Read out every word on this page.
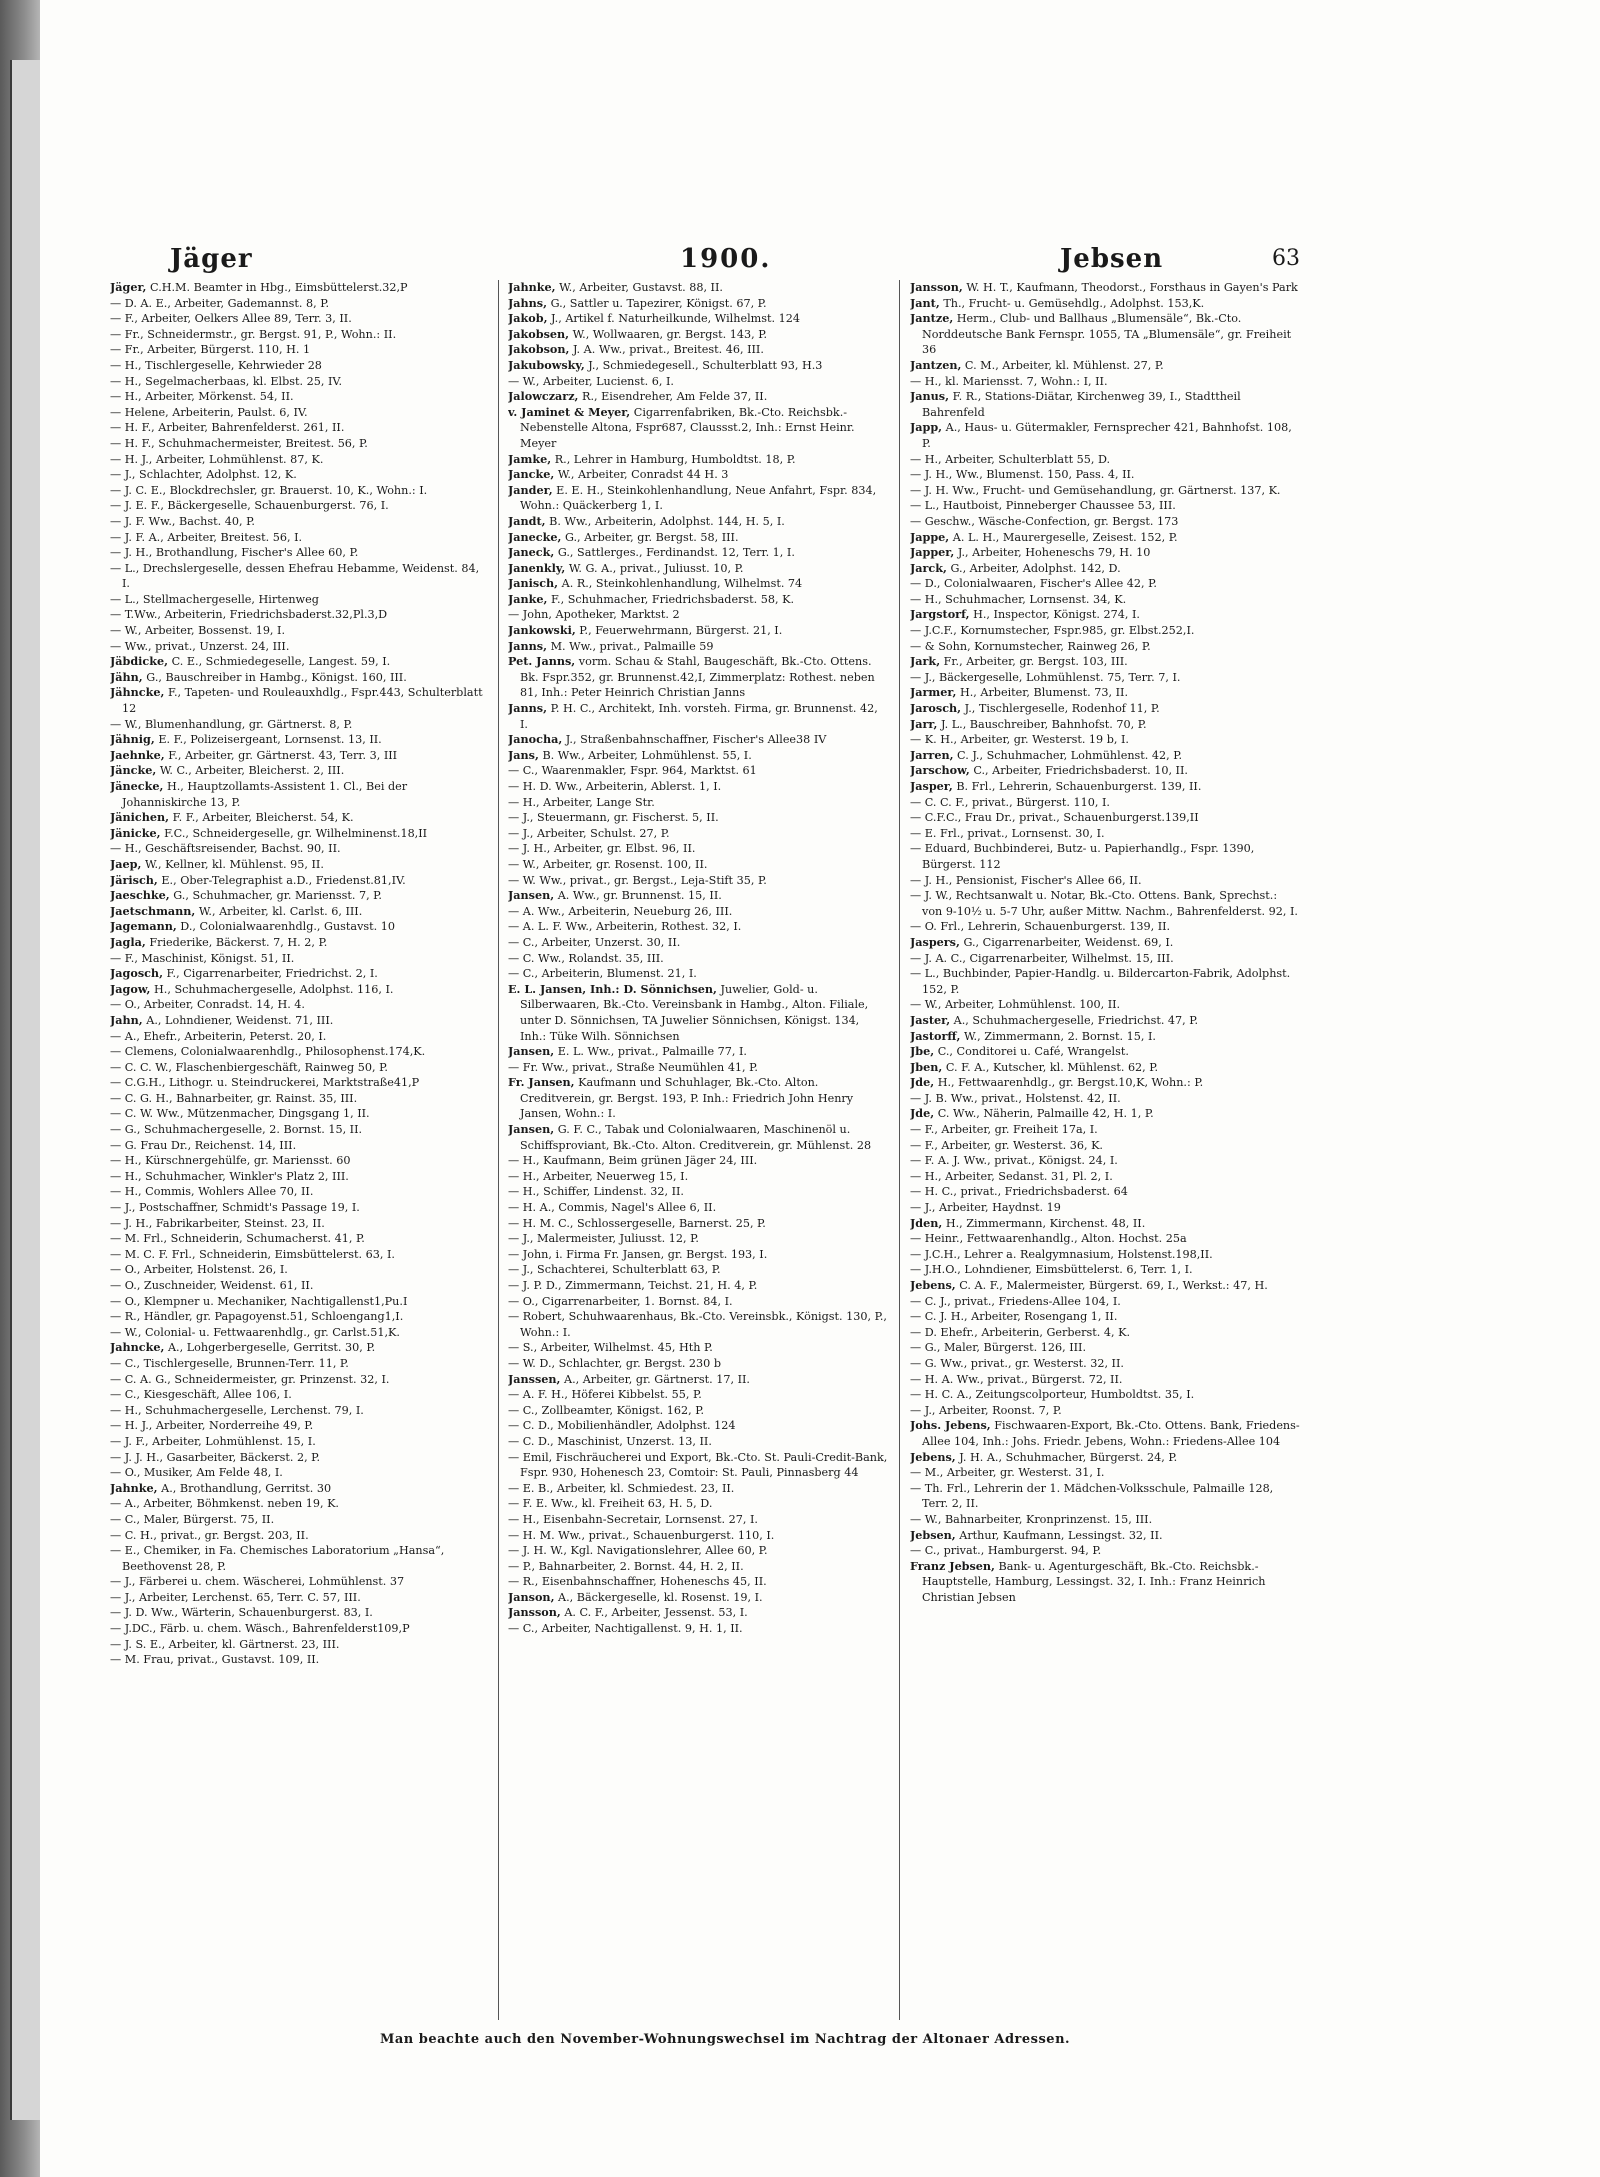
Jäger	1900.	Jebsen	63

Jäger, C.H.M. Beamter in Hbg., Eimsbüttelerst.32,P

— D. A. E., Arbeiter, Gademannst. 8, P.

— F., Arbeiter, Oelkers Allee 89, Terr. 3, II.

— Fr., Schneidermstr., gr. Bergst. 91, P., Wohn.: II.

— Fr., Arbeiter, Bürgerst. 110, H. 1

— H., Tischlergeselle, Kehrwieder 28

— H., Segelmacherbaas, kl. Elbst. 25, IV.

— H., Arbeiter, Mörkenst. 54, II.

— Helene, Arbeiterin, Paulst. 6, IV.

— H. F., Arbeiter, Bahrenfelderst. 261, II.

— H. F., Schuhmachermeister, Breitest. 56, P.

— H. J., Arbeiter, Lohmühlenst. 87, K.

— J., Schlachter, Adolphst. 12, K.

— J. C. E., Blockdrechsler, gr. Brauerst. 10, K., Wohn.: I.

— J. E. F., Bäckergeselle, Schauenburgerst. 76, I.

— J. F. Ww., Bachst. 40, P.

— J. F. A., Arbeiter, Breitest. 56, I.

— J. H., Brothandlung, Fischer's Allee 60, P.

— L., Drechslergeselle, dessen Ehefrau Hebamme, Weidenst. 84, I.

— L., Stellmachergeselle, Hirtenweg

— T.Ww., Arbeiterin, Friedrichsbaderst.32,Pl.3,D

— W., Arbeiter, Bossenst. 19, I.

— Ww., privat., Unzerst. 24, III.

Jäbdicke, C. E., Schmiedegeselle, Langest. 59, I.

Jähn, G., Bauschreiber in Hambg., Königst. 160, III.

Jähncke, F., Tapeten- und Rouleauxhdlg., Fspr.443, Schulterblatt 12

— W., Blumenhandlung, gr. Gärtnerst. 8, P.

Jähnig, E. F., Polizeisergeant, Lornsenst. 13, II.

Jaehnke, F., Arbeiter, gr. Gärtnerst. 43, Terr. 3, III

Jäncke, W. C., Arbeiter, Bleicherst. 2, III.

Jänecke, H., Hauptzollamts-Assistent 1. Cl., Bei der Johanniskirche 13, P.

Jänichen, F. F., Arbeiter, Bleicherst. 54, K.

Jänicke, F.C., Schneidergeselle, gr. Wilhelminenst.18,II

— H., Geschäftsreisender, Bachst. 90, II.

Jaep, W., Kellner, kl. Mühlenst. 95, II.

Järisch, E., Ober-Telegraphist a.D., Friedenst.81,IV.

Jaeschke, G., Schuhmacher, gr. Mariensst. 7, P.

Jaetschmann, W., Arbeiter, kl. Carlst. 6, III.

Jagemann, D., Colonialwaarenhdlg., Gustavst. 10

Jagla, Friederike, Bäckerst. 7, H. 2, P.

— F., Maschinist, Königst. 51, II.

Jagosch, F., Cigarrenarbeiter, Friedrichst. 2, I.

Jagow, H., Schuhmachergeselle, Adolphst. 116, I.

— O., Arbeiter, Conradst. 14, H. 4.

Jahn, A., Lohndiener, Weidenst. 71, III.

— A., Ehefr., Arbeiterin, Peterst. 20, I.

— Clemens, Colonialwaarenhdlg., Philosophenst.174,K.

— C. C. W., Flaschenbiergeschäft, Rainweg 50, P.

— C.G.H., Lithogr. u. Steindruckerei, Marktstraße41,P

— C. G. H., Bahnarbeiter, gr. Rainst. 35, III.

— C. W. Ww., Mützenmacher, Dingsgang 1, II.

— G., Schuhmachergeselle, 2. Bornst. 15, II.

— G. Frau Dr., Reichenst. 14, III.

— H., Kürschnergehülfe, gr. Mariensst. 60

— H., Schuhmacher, Winkler's Platz 2, III.

— H., Commis, Wohlers Allee 70, II.

— J., Postschaffner, Schmidt's Passage 19, I.

— J. H., Fabrikarbeiter, Steinst. 23, II.

— M. Frl., Schneiderin, Schumacherst. 41, P.

— M. C. F. Frl., Schneiderin, Eimsbüttelerst. 63, I.

— O., Arbeiter, Holstenst. 26, I.

— O., Zuschneider, Weidenst. 61, II.

— O., Klempner u. Mechaniker, Nachtigallenst1,Pu.I

— R., Händler, gr. Papagoyenst.51, Schloengang1,I.

— W., Colonial- u. Fettwaarenhdlg., gr. Carlst.51,K.

Jahncke, A., Lohgerbergeselle, Gerritst. 30, P.

— C., Tischlergeselle, Brunnen-Terr. 11, P.

— C. A. G., Schneidermeister, gr. Prinzenst. 32, I.

— C., Kiesgeschäft, Allee 106, I.

— H., Schuhmachergeselle, Lerchenst. 79, I.

— H. J., Arbeiter, Norderreihe 49, P.

— J. F., Arbeiter, Lohmühlenst. 15, I.

— J. J. H., Gasarbeiter, Bäckerst. 2, P.

— O., Musiker, Am Felde 48, I.

Jahnke, A., Brothandlung, Gerritst. 30

— A., Arbeiter, Böhmkenst. neben 19, K.

— C., Maler, Bürgerst. 75, II.

— C. H., privat., gr. Bergst. 203, II.

— E., Chemiker, in Fa. Chemisches Laboratorium „Hansa“, Beethovenst 28, P.

— J., Färberei u. chem. Wäscherei, Lohmühlenst. 37

— J., Arbeiter, Lerchenst. 65, Terr. C. 57, III.

— J. D. Ww., Wärterin, Schauenburgerst. 83, I.

— J.DC., Färb. u. chem. Wäsch., Bahrenfelderst109,P

— J. S. E., Arbeiter, kl. Gärtnerst. 23, III.

— M. Frau, privat., Gustavst. 109, II.

Jahnke, W., Arbeiter, Gustavst. 88, II.

Jahns, G., Sattler u. Tapezirer, Königst. 67, P.

Jakob, J., Artikel f. Naturheilkunde, Wilhelmst. 124

Jakobsen, W., Wollwaaren, gr. Bergst. 143, P.

Jakobson, J. A. Ww., privat., Breitest. 46, III.

Jakubowsky, J., Schmiedegesell., Schulterblatt 93, H.3

— W., Arbeiter, Lucienst. 6, I.

Jalowczarz, R., Eisendreher, Am Felde 37, II.

v. Jaminet & Meyer, Cigarrenfabriken, Bk.-Cto. Reichsbk.-Nebenstelle Altona, Fspr687, Claussst.2, Inh.: Ernst Heinr. Meyer

Jamke, R., Lehrer in Hamburg, Humboldtst. 18, P.

Jancke, W., Arbeiter, Conradst 44 H. 3

Jander, E. E. H., Steinkohlenhandlung, Neue Anfahrt, Fspr. 834, Wohn.: Quäckerberg 1, I.

Jandt, B. Ww., Arbeiterin, Adolphst. 144, H. 5, I.

Janecke, G., Arbeiter, gr. Bergst. 58, III.

Janeck, G., Sattlerges., Ferdinandst. 12, Terr. 1, I.

Janenkly, W. G. A., privat., Juliusst. 10, P.

Janisch, A. R., Steinkohlenhandlung, Wilhelmst. 74

Janke, F., Schuhmacher, Friedrichsbaderst. 58, K.

— John, Apotheker, Marktst. 2

Jankowski, P., Feuerwehrmann, Bürgerst. 21, I.

Janns, M. Ww., privat., Palmaille 59

Pet. Janns, vorm. Schau & Stahl, Baugeschäft, Bk.-Cto. Ottens. Bk. Fspr.352, gr. Brunnenst.42,I, Zimmerplatz: Rothest. neben 81, Inh.: Peter Heinrich Christian Janns

Janns, P. H. C., Architekt, Inh. vorsteh. Firma, gr. Brunnenst. 42, I.

Janocha, J., Straßenbahnschaffner, Fischer's Allee38 IV

Jans, B. Ww., Arbeiter, Lohmühlenst. 55, I.

— C., Waarenmakler, Fspr. 964, Marktst. 61

— H. D. Ww., Arbeiterin, Ablerst. 1, I.

— H., Arbeiter, Lange Str.

— J., Steuermann, gr. Fischerst. 5, II.

— J., Arbeiter, Schulst. 27, P.

— J. H., Arbeiter, gr. Elbst. 96, II.

— W., Arbeiter, gr. Rosenst. 100, II.

— W. Ww., privat., gr. Bergst., Leja-Stift 35, P.

Jansen, A. Ww., gr. Brunnenst. 15, II.

— A. Ww., Arbeiterin, Neueburg 26, III.

— A. L. F. Ww., Arbeiterin, Rothest. 32, I.

— C., Arbeiter, Unzerst. 30, II.

— C. Ww., Rolandst. 35, III.

— C., Arbeiterin, Blumenst. 21, I.

E. L. Jansen, Inh.: D. Sönnichsen, Juwelier, Gold- u. Silberwaaren, Bk.-Cto. Vereinsbank in Hambg., Alton. Filiale, unter D. Sönnichsen, TA Juwelier Sönnichsen, Königst. 134, Inh.: Tüke Wilh. Sönnichsen

Jansen, E. L. Ww., privat., Palmaille 77, I.

— Fr. Ww., privat., Straße Neumühlen 41, P.

Fr. Jansen, Kaufmann und Schuhlager, Bk.-Cto. Alton. Creditverein, gr. Bergst. 193, P. Inh.: Friedrich John Henry Jansen, Wohn.: I.

Jansen, G. F. C., Tabak und Colonialwaaren, Maschinenöl u. Schiffsproviant, Bk.-Cto. Alton. Creditverein, gr. Mühlenst. 28

— H., Kaufmann, Beim grünen Jäger 24, III.

— H., Arbeiter, Neuerweg 15, I.

— H., Schiffer, Lindenst. 32, II.

— H. A., Commis, Nagel's Allee 6, II.

— H. M. C., Schlossergeselle, Barnerst. 25, P.

— J., Malermeister, Juliusst. 12, P.

— John, i. Firma Fr. Jansen, gr. Bergst. 193, I.

— J., Schachterei, Schulterblatt 63, P.

— J. P. D., Zimmermann, Teichst. 21, H. 4, P.

— O., Cigarrenarbeiter, 1. Bornst. 84, I.

— Robert, Schuhwaarenhaus, Bk.-Cto. Vereinsbk., Königst. 130, P., Wohn.: I.

— S., Arbeiter, Wilhelmst. 45, Hth P.

— W. D., Schlachter, gr. Bergst. 230 b

Janssen, A., Arbeiter, gr. Gärtnerst. 17, II.

— A. F. H., Höferei Kibbelst. 55, P.

— C., Zollbeamter, Königst. 162, P.

— C. D., Mobilienhändler, Adolphst. 124

— C. D., Maschinist, Unzerst. 13, II.

— Emil, Fischräucherei und Export, Bk.-Cto. St. Pauli-Credit-Bank, Fspr. 930, Hohenesch 23, Comtoir: St. Pauli, Pinnasberg 44

— E. B., Arbeiter, kl. Schmiedest. 23, II.

— F. E. Ww., kl. Freiheit 63, H. 5, D.

— H., Eisenbahn-Secretair, Lornsenst. 27, I.

— H. M. Ww., privat., Schauenburgerst. 110, I.

— J. H. W., Kgl. Navigationslehrer, Allee 60, P.

— P., Bahnarbeiter, 2. Bornst. 44, H. 2, II.

— R., Eisenbahnschaffner, Hoheneschs 45, II.

Janson, A., Bäckergeselle, kl. Rosenst. 19, I.

Jansson, A. C. F., Arbeiter, Jessenst. 53, I.

— C., Arbeiter, Nachtigallenst. 9, H. 1, II.

Jansson, W. H. T., Kaufmann, Theodorst., Forsthaus in Gayen's Park

Jant, Th., Frucht- u. Gemüsehdlg., Adolphst. 153,K.

Jantze, Herm., Club- und Ballhaus „Blumensäle“, Bk.-Cto. Norddeutsche Bank Fernspr. 1055, TA „Blumensäle“, gr. Freiheit 36

Jantzen, C. M., Arbeiter, kl. Mühlenst. 27, P.

— H., kl. Mariensst. 7, Wohn.: I, II.

Janus, F. R., Stations-Diätar, Kirchenweg 39, I., Stadttheil Bahrenfeld

Japp, A., Haus- u. Gütermakler, Fernsprecher 421, Bahnhofst. 108, P.

— H., Arbeiter, Schulterblatt 55, D.

— J. H., Ww., Blumenst. 150, Pass. 4, II.

— J. H. Ww., Frucht- und Gemüsehandlung, gr. Gärtnerst. 137, K.

— L., Hautboist, Pinneberger Chaussee 53, III.

— Geschw., Wäsche-Confection, gr. Bergst. 173

Jappe, A. L. H., Maurergeselle, Zeisest. 152, P.

Japper, J., Arbeiter, Hoheneschs 79, H. 10

Jarck, G., Arbeiter, Adolphst. 142, D.

— D., Colonialwaaren, Fischer's Allee 42, P.

— H., Schuhmacher, Lornsenst. 34, K.

Jargstorf, H., Inspector, Königst. 274, I.

— J.C.F., Kornumstecher, Fspr.985, gr. Elbst.252,I.

— & Sohn, Kornumstecher, Rainweg 26, P.

Jark, Fr., Arbeiter, gr. Bergst. 103, III.

— J., Bäckergeselle, Lohmühlenst. 75, Terr. 7, I.

Jarmer, H., Arbeiter, Blumenst. 73, II.

Jarosch, J., Tischlergeselle, Rodenhof 11, P.

Jarr, J. L., Bauschreiber, Bahnhofst. 70, P.

— K. H., Arbeiter, gr. Westerst. 19 b, I.

Jarren, C. J., Schuhmacher, Lohmühlenst. 42, P.

Jarschow, C., Arbeiter, Friedrichsbaderst. 10, II.

Jasper, B. Frl., Lehrerin, Schauenburgerst. 139, II.

— C. C. F., privat., Bürgerst. 110, I.

— C.F.C., Frau Dr., privat., Schauenburgerst.139,II

— E. Frl., privat., Lornsenst. 30, I.

— Eduard, Buchbinderei, Butz- u. Papierhandlg., Fspr. 1390, Bürgerst. 112

— J. H., Pensionist, Fischer's Allee 66, II.

— J. W., Rechtsanwalt u. Notar, Bk.-Cto. Ottens. Bank, Sprechst.: von 9-10½ u. 5-7 Uhr, außer Mittw. Nachm., Bahrenfelderst. 92, I.

— O. Frl., Lehrerin, Schauenburgerst. 139, II.

Jaspers, G., Cigarrenarbeiter, Weidenst. 69, I.

— J. A. C., Cigarrenarbeiter, Wilhelmst. 15, III.

— L., Buchbinder, Papier-Handlg. u. Bildercarton-Fabrik, Adolphst. 152, P.

— W., Arbeiter, Lohmühlenst. 100, II.

Jaster, A., Schuhmachergeselle, Friedrichst. 47, P.

Jastorff, W., Zimmermann, 2. Bornst. 15, I.

Jbe, C., Conditorei u. Café, Wrangelst.

Jben, C. F. A., Kutscher, kl. Mühlenst. 62, P.

Jde, H., Fettwaarenhdlg., gr. Bergst.10,K, Wohn.: P.

— J. B. Ww., privat., Holstenst. 42, II.

Jde, C. Ww., Näherin, Palmaille 42, H. 1, P.

— F., Arbeiter, gr. Freiheit 17a, I.

— F., Arbeiter, gr. Westerst. 36, K.

— F. A. J. Ww., privat., Königst. 24, I.

— H., Arbeiter, Sedanst. 31, Pl. 2, I.

— H. C., privat., Friedrichsbaderst. 64

— J., Arbeiter, Haydnst. 19

Jden, H., Zimmermann, Kirchenst. 48, II.

— Heinr., Fettwaarenhandlg., Alton. Hochst. 25a

— J.C.H., Lehrer a. Realgymnasium, Holstenst.198,II.

— J.H.O., Lohndiener, Eimsbüttelerst. 6, Terr. 1, I.

Jebens, C. A. F., Malermeister, Bürgerst. 69, I., Werkst.: 47, H.

— C. J., privat., Friedens-Allee 104, I.

— C. J. H., Arbeiter, Rosengang 1, II.

— D. Ehefr., Arbeiterin, Gerberst. 4, K.

— G., Maler, Bürgerst. 126, III.

— G. Ww., privat., gr. Westerst. 32, II.

— H. A. Ww., privat., Bürgerst. 72, II.

— H. C. A., Zeitungscolporteur, Humboldtst. 35, I.

— J., Arbeiter, Roonst. 7, P.

Johs. Jebens, Fischwaaren-Export, Bk.-Cto. Ottens. Bank, Friedens-Allee 104, Inh.: Johs. Friedr. Jebens, Wohn.: Friedens-Allee 104

Jebens, J. H. A., Schuhmacher, Bürgerst. 24, P.

— M., Arbeiter, gr. Westerst. 31, I.

— Th. Frl., Lehrerin der 1. Mädchen-Volksschule, Palmaille 128, Terr. 2, II.

— W., Bahnarbeiter, Kronprinzenst. 15, III.

Jebsen, Arthur, Kaufmann, Lessingst. 32, II.

— C., privat., Hamburgerst. 94, P.

Franz Jebsen, Bank- u. Agenturgeschäft, Bk.-Cto. Reichsbk.-Hauptstelle, Hamburg, Lessingst. 32, I. Inh.: Franz Heinrich Christian Jebsen

Man beachte auch den November-Wohnungswechsel im Nachtrag der Altonaer Adressen.
